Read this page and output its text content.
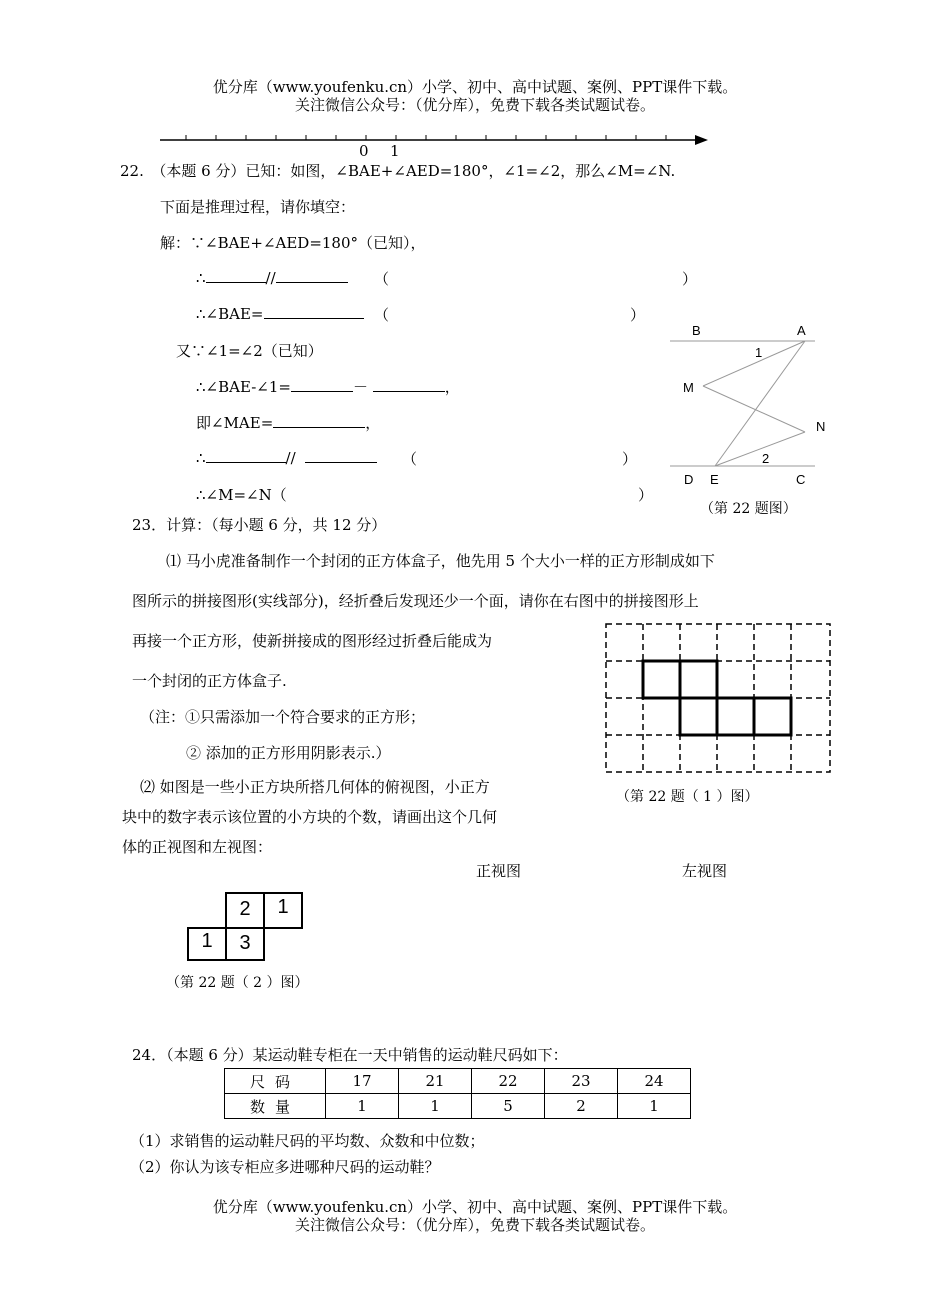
优分库（www.youfenku.cn）小学、初中、高中试题、案例、PPT课件下载。
关注微信公众号：（优分库），免费下载各类试题试卷。
0 1
22.　（本题 6 分）已知：如图，∠BAE+∠AED=180°，∠1=∠2，那么∠M=∠N.
下面是推理过程，请你填空：
解：∵∠BAE+∠AED=180°（已知），
∴	//	（	）
∴∠BAE=	（	）
又∵∠1=∠2（已知）
∴∠BAE-∠1=	－	，
即∠MAE=	，
∴	//	（	）
∴∠M=∠N（	）
B	A
1
M
N
2
D E	C
（第 22 题图）
23．计算：（每小题 6 分，共 12 分）
⑴ 马小虎准备制作一个封闭的正方体盒子，他先用 5 个大小一样的正方形制成如下
图所示的拼接图形(实线部分)，经折叠后发现还少一个面，请你在右图中的拼接图形上
再接一个正方形，使新拼接成的图形经过折叠后能成为
一个封闭的正方体盒子.
（注：①只需添加一个符合要求的正方形；
② 添加的正方形用阴影表示.）
（第 22 题（ 1 ）图）
⑵ 如图是一些小正方块所搭几何体的俯视图，小正方
块中的数字表示该位置的小方块的个数，请画出这个几何
体的正视图和左视图：
正视图	左视图
2	1
1	3
（第 22 题（ 2 ）图）
24．（本题 6 分）某运动鞋专柜在一天中销售的运动鞋尺码如下：
尺码	17	21	22	23	24
数量	1	1	5	2	1
（1）求销售的运动鞋尺码的平均数、众数和中位数；
（2）你认为该专柜应多进哪种尺码的运动鞋？
优分库（www.youfenku.cn）小学、初中、高中试题、案例、PPT课件下载。
关注微信公众号：（优分库），免费下载各类试题试卷。
